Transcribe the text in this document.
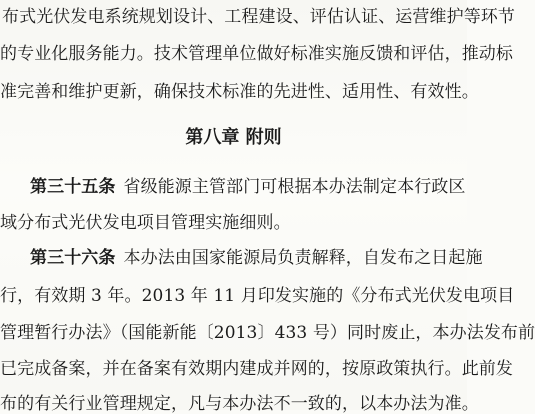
布式光伏发电系统规划设计、工程建设、评估认证、运营维护等环节
的专业化服务能力。技术管理单位做好标准实施反馈和评估，推动标
准完善和维护更新，确保技术标准的先进性、适用性、有效性。
第八章 附则
第三十五条 省级能源主管部门可根据本办法制定本行政区
域分布式光伏发电项目管理实施细则。
第三十六条 本办法由国家能源局负责解释，自发布之日起施
行，有效期 3 年。2013 年 11 月印发实施的《分布式光伏发电项目
管理暂行办法》（国能新能〔2013〕433 号）同时废止，本办法发布前
已完成备案，并在备案有效期内建成并网的，按原政策执行。此前发
布的有关行业管理规定，凡与本办法不一致的，以本办法为准。
